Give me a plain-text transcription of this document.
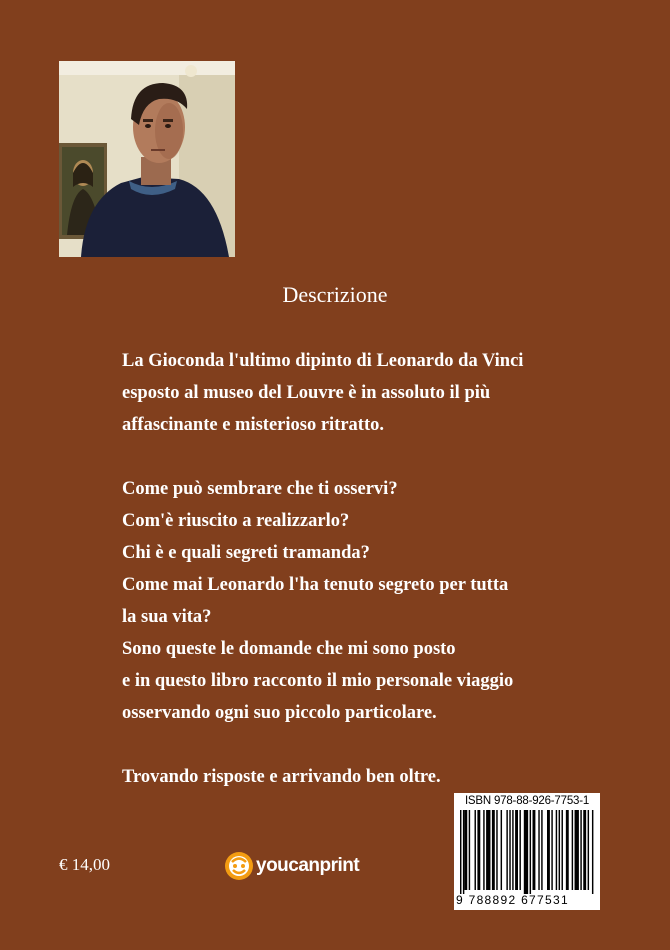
Descrizione
La Gioconda l'ultimo dipinto di Leonardo da Vinci
esposto al museo del Louvre è in assoluto il più
affascinante e misterioso ritratto.
Come può sembrare che ti osservi?
Com'è riuscito a realizzarlo?
Chi è e quali segreti tramanda?
Come mai Leonardo l'ha tenuto segreto per tutta
la sua vita?
Sono queste le domande che mi sono posto
e in questo libro racconto il mio personale viaggio
osservando ogni suo piccolo particolare.
Trovando risposte e arrivando ben oltre.
€ 14,00	youcanprint
ISBN 978-88-926-7753-1
9 788892 677531
